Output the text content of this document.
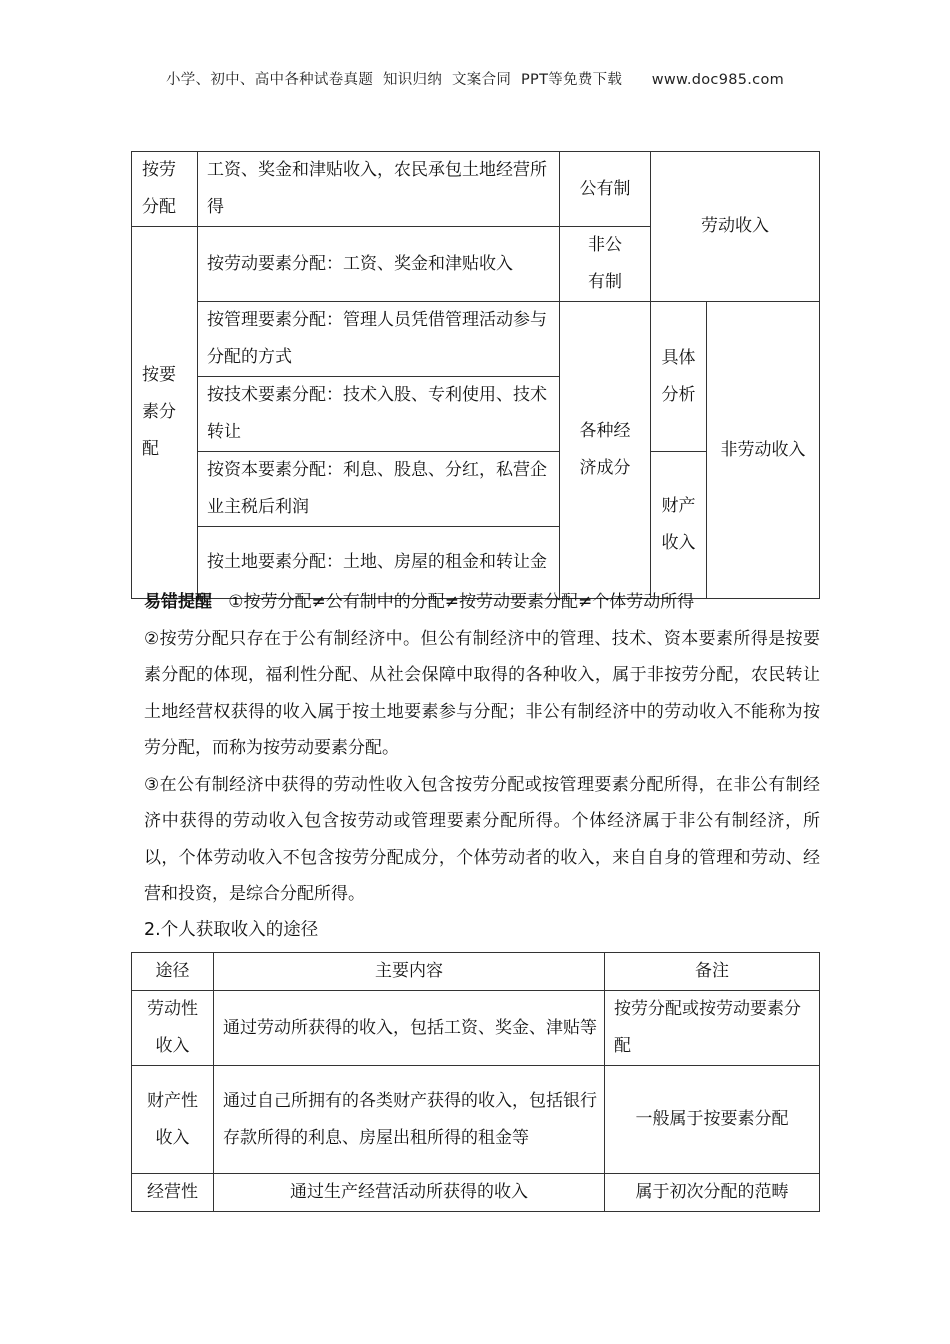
小学、初中、高中各种试卷真题  知识归纳  文案合同  PPT等免费下载      www.doc985.com
按劳分配	工资、奖金和津贴收入，农民承包土地经营所得	公有制	劳动收入	
按要素分配	按劳动要素分配：工资、奖金和津贴收入	非公有制		
	按管理要素分配：管理人员凭借管理活动参与分配的方式	各种经济成分	具体分析	非劳动收入
	按技术要素分配：技术入股、专利使用、技术转让			
	按资本要素分配：利息、股息、分红，私营企业主税后利润		财产收入	
	按土地要素分配：土地、房屋的租金和转让金			

易错提醒 ①按劳分配≠公有制中的分配≠按劳动要素分配≠个体劳动所得

②按劳分配只存在于公有制经济中。但公有制经济中的管理、技术、资本要素所得是按要素分配的体现，福利性分配、从社会保障中取得的各种收入，属于非按劳分配，农民转让土地经营权获得的收入属于按土地要素参与分配；非公有制经济中的劳动收入不能称为按劳分配，而称为按劳动要素分配。

③在公有制经济中获得的劳动性收入包含按劳分配或按管理要素分配所得，在非公有制经济中获得的劳动收入包含按劳动或管理要素分配所得。个体经济属于非公有制经济，所以，个体劳动收入不包含按劳分配成分，个体劳动者的收入，来自自身的管理和劳动、经营和投资，是综合分配所得。

2.个人获取收入的途径
途径	主要内容	备注
劳动性收入	通过劳动所获得的收入，包括工资、奖金、津贴等	按劳分配或按劳动要素分配
财产性收入	通过自己所拥有的各类财产获得的收入，包括银行存款所得的利息、房屋出租所得的租金等	一般属于按要素分配
经营性	通过生产经营活动所获得的收入	属于初次分配的范畴
